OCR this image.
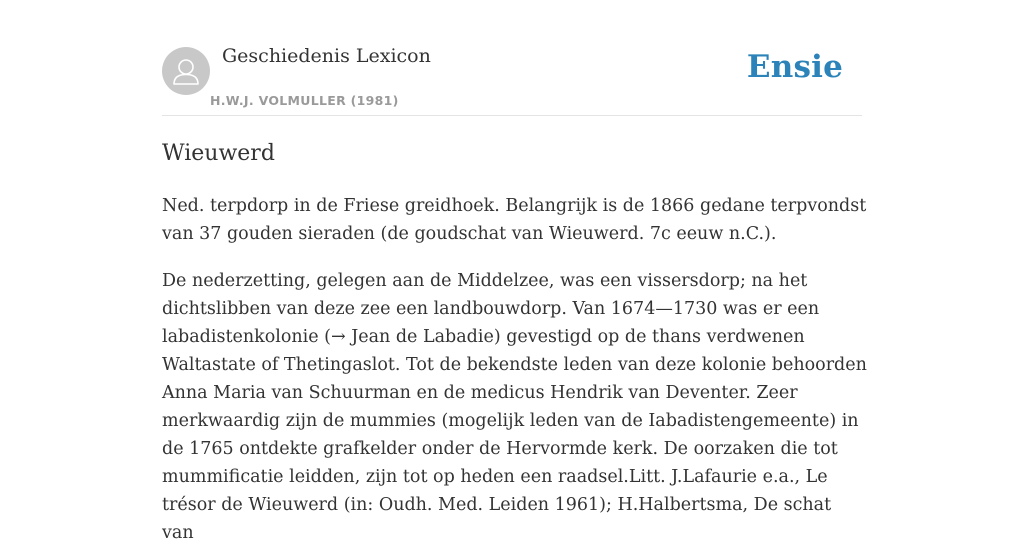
Geschiedenis Lexicon
H.W.J. VOLMULLER (1981)
Ensie
Wieuwerd

Ned. terpdorp in de Friese greidhoek. Belangrijk is de 1866 gedane terpvondst van 37 gouden sieraden (de goudschat van Wieuwerd. 7c eeuw n.C.).

De nederzetting, gelegen aan de Middelzee, was een vissersdorp; na het dichtslibben van deze zee een landbouwdorp. Van 1674—1730 was er een labadistenkolonie (→ Jean de Labadie) gevestigd op de thans verdwenen Waltastate of Thetingaslot. Tot de bekendste leden van deze kolonie behoorden Anna Maria van Schuurman en de medicus Hendrik van Deventer. Zeer merkwaardig zijn de mummies (mogelijk leden van de Iabadistengemeente) in de 1765 ontdekte grafkelder onder de Hervormde kerk. De oorzaken die tot mummificatie leidden, zijn tot op heden een raadsel.Litt. J.Lafaurie e.a., Le trésor de Wieuwerd (in: Oudh. Med. Leiden 1961); H.Halbertsma, De schat van
